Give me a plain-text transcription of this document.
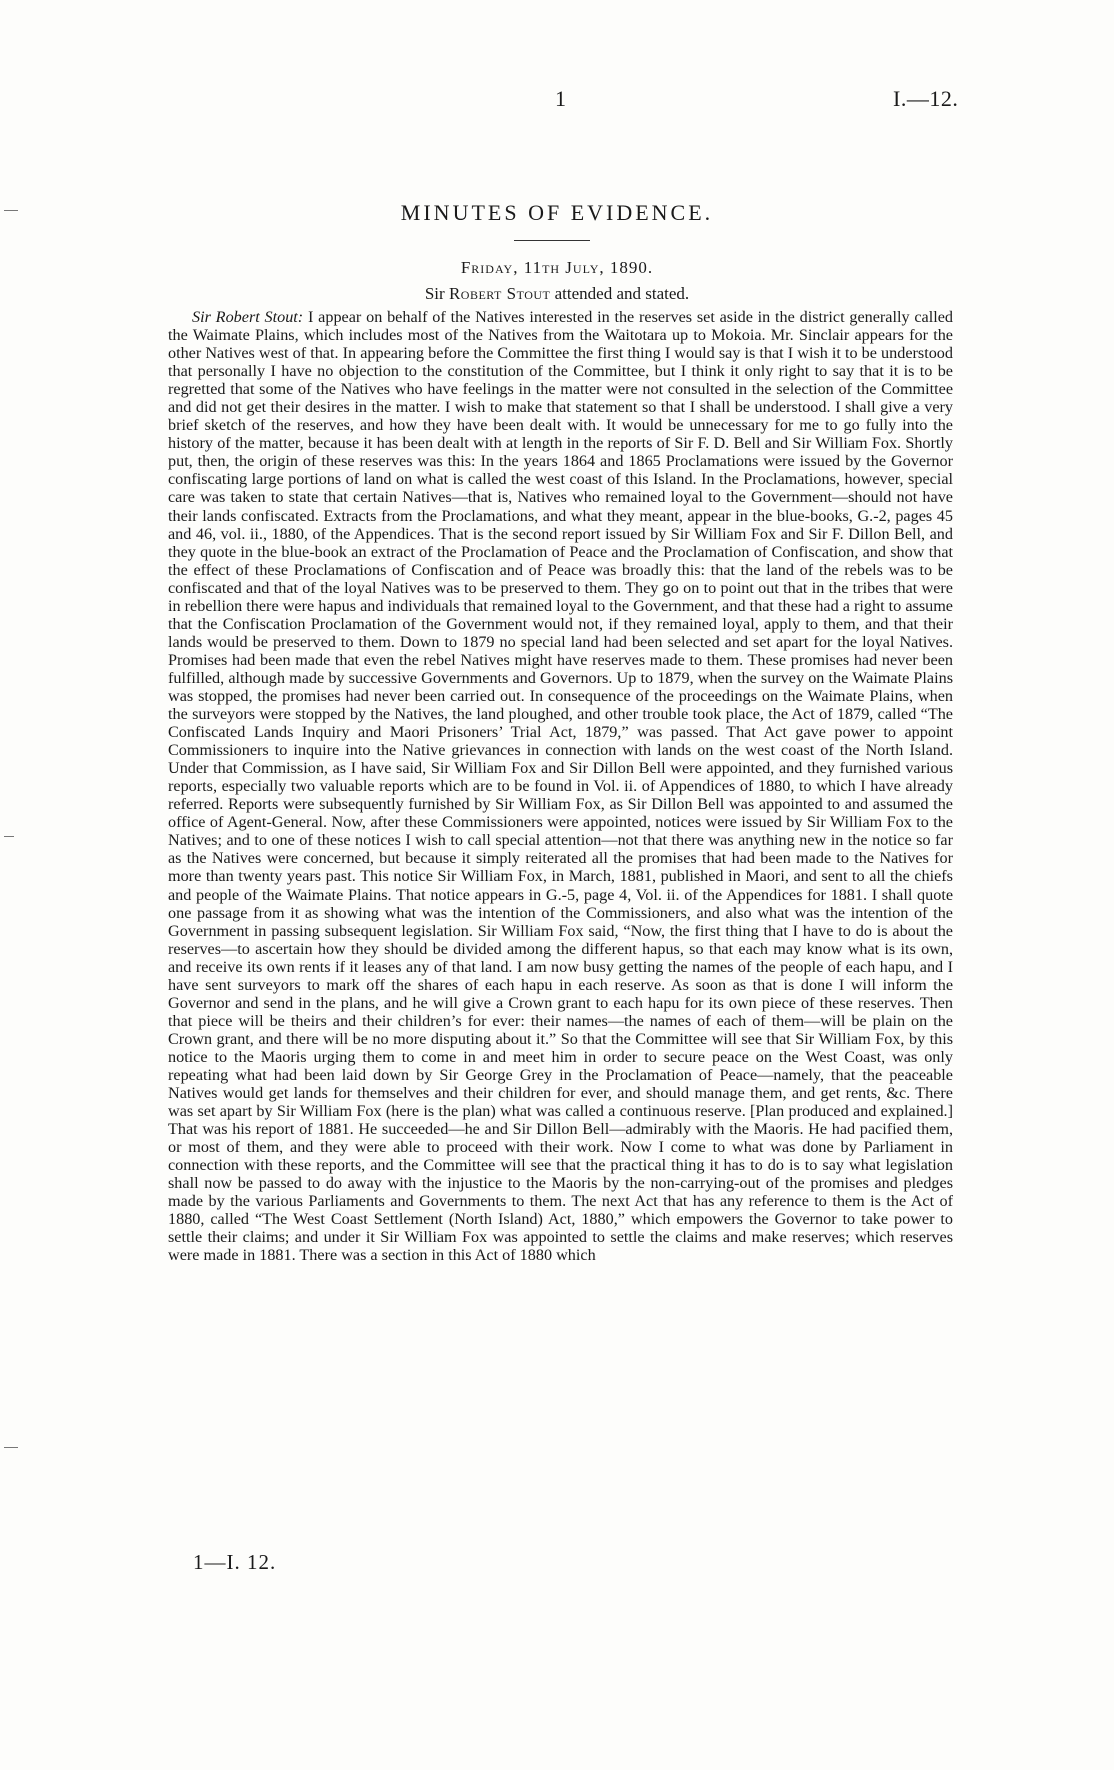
1	I.—12.
MINUTES OF EVIDENCE.
Friday, 11th July, 1890.
Sir Robert Stout attended and stated.

Sir Robert Stout: I appear on behalf of the Natives interested in the reserves set aside in the district generally called the Waimate Plains, which includes most of the Natives from the Waitotara up to Mokoia. Mr. Sinclair appears for the other Natives west of that. In appearing before the Committee the first thing I would say is that I wish it to be understood that personally I have no objection to the constitution of the Committee, but I think it only right to say that it is to be regretted that some of the Natives who have feelings in the matter were not consulted in the selection of the Committee and did not get their desires in the matter. I wish to make that statement so that I shall be understood. I shall give a very brief sketch of the reserves, and how they have been dealt with. It would be unnecessary for me to go fully into the history of the matter, because it has been dealt with at length in the reports of Sir F. D. Bell and Sir William Fox. Shortly put, then, the origin of these reserves was this: In the years 1864 and 1865 Proclamations were issued by the Governor confiscating large portions of land on what is called the west coast of this Island. In the Proclamations, however, special care was taken to state that certain Natives—that is, Natives who remained loyal to the Government—should not have their lands confiscated. Extracts from the Proclamations, and what they meant, appear in the blue-books, G.-2, pages 45 and 46, vol. ii., 1880, of the Appendices. That is the second report issued by Sir William Fox and Sir F. Dillon Bell, and they quote in the blue-book an extract of the Proclamation of Peace and the Proclamation of Confiscation, and show that the effect of these Proclamations of Confiscation and of Peace was broadly this: that the land of the rebels was to be confiscated and that of the loyal Natives was to be preserved to them. They go on to point out that in the tribes that were in rebellion there were hapus and individuals that remained loyal to the Government, and that these had a right to assume that the Confiscation Proclamation of the Government would not, if they remained loyal, apply to them, and that their lands would be preserved to them. Down to 1879 no special land had been selected and set apart for the loyal Natives. Promises had been made that even the rebel Natives might have reserves made to them. These promises had never been fulfilled, although made by successive Governments and Governors. Up to 1879, when the survey on the Waimate Plains was stopped, the promises had never been carried out. In consequence of the proceedings on the Waimate Plains, when the surveyors were stopped by the Natives, the land ploughed, and other trouble took place, the Act of 1879, called “The Confiscated Lands Inquiry and Maori Prisoners’ Trial Act, 1879,” was passed. That Act gave power to appoint Commissioners to inquire into the Native grievances in connection with lands on the west coast of the North Island. Under that Commission, as I have said, Sir William Fox and Sir Dillon Bell were appointed, and they furnished various reports, especially two valuable reports which are to be found in Vol. ii. of Appendices of 1880, to which I have already referred. Reports were subsequently furnished by Sir William Fox, as Sir Dillon Bell was appointed to and assumed the office of Agent-General. Now, after these Commissioners were appointed, notices were issued by Sir William Fox to the Natives; and to one of these notices I wish to call special attention—not that there was anything new in the notice so far as the Natives were concerned, but because it simply reiterated all the promises that had been made to the Natives for more than twenty years past. This notice Sir William Fox, in March, 1881, published in Maori, and sent to all the chiefs and people of the Waimate Plains. That notice appears in G.-5, page 4, Vol. ii. of the Appendices for 1881. I shall quote one passage from it as showing what was the intention of the Commissioners, and also what was the intention of the Government in passing subsequent legislation. Sir William Fox said, “Now, the first thing that I have to do is about the reserves—to ascertain how they should be divided among the different hapus, so that each may know what is its own, and receive its own rents if it leases any of that land. I am now busy getting the names of the people of each hapu, and I have sent surveyors to mark off the shares of each hapu in each reserve. As soon as that is done I will inform the Governor and send in the plans, and he will give a Crown grant to each hapu for its own piece of these reserves. Then that piece will be theirs and their children’s for ever: their names—the names of each of them—will be plain on the Crown grant, and there will be no more disputing about it.” So that the Committee will see that Sir William Fox, by this notice to the Maoris urging them to come in and meet him in order to secure peace on the West Coast, was only repeating what had been laid down by Sir George Grey in the Proclamation of Peace—namely, that the peaceable Natives would get lands for themselves and their children for ever, and should manage them, and get rents, &c. There was set apart by Sir William Fox (here is the plan) what was called a continuous reserve. [Plan produced and explained.] That was his report of 1881. He succeeded—he and Sir Dillon Bell—admirably with the Maoris. He had pacified them, or most of them, and they were able to proceed with their work. Now I come to what was done by Parliament in connection with these reports, and the Committee will see that the practical thing it has to do is to say what legislation shall now be passed to do away with the injustice to the Maoris by the non-carrying-out of the promises and pledges made by the various Parliaments and Governments to them. The next Act that has any reference to them is the Act of 1880, called “The West Coast Settlement (North Island) Act, 1880,” which empowers the Governor to take power to settle their claims; and under it Sir William Fox was appointed to settle the claims and make reserves; which reserves were made in 1881. There was a section in this Act of 1880 which

1—I. 12.
